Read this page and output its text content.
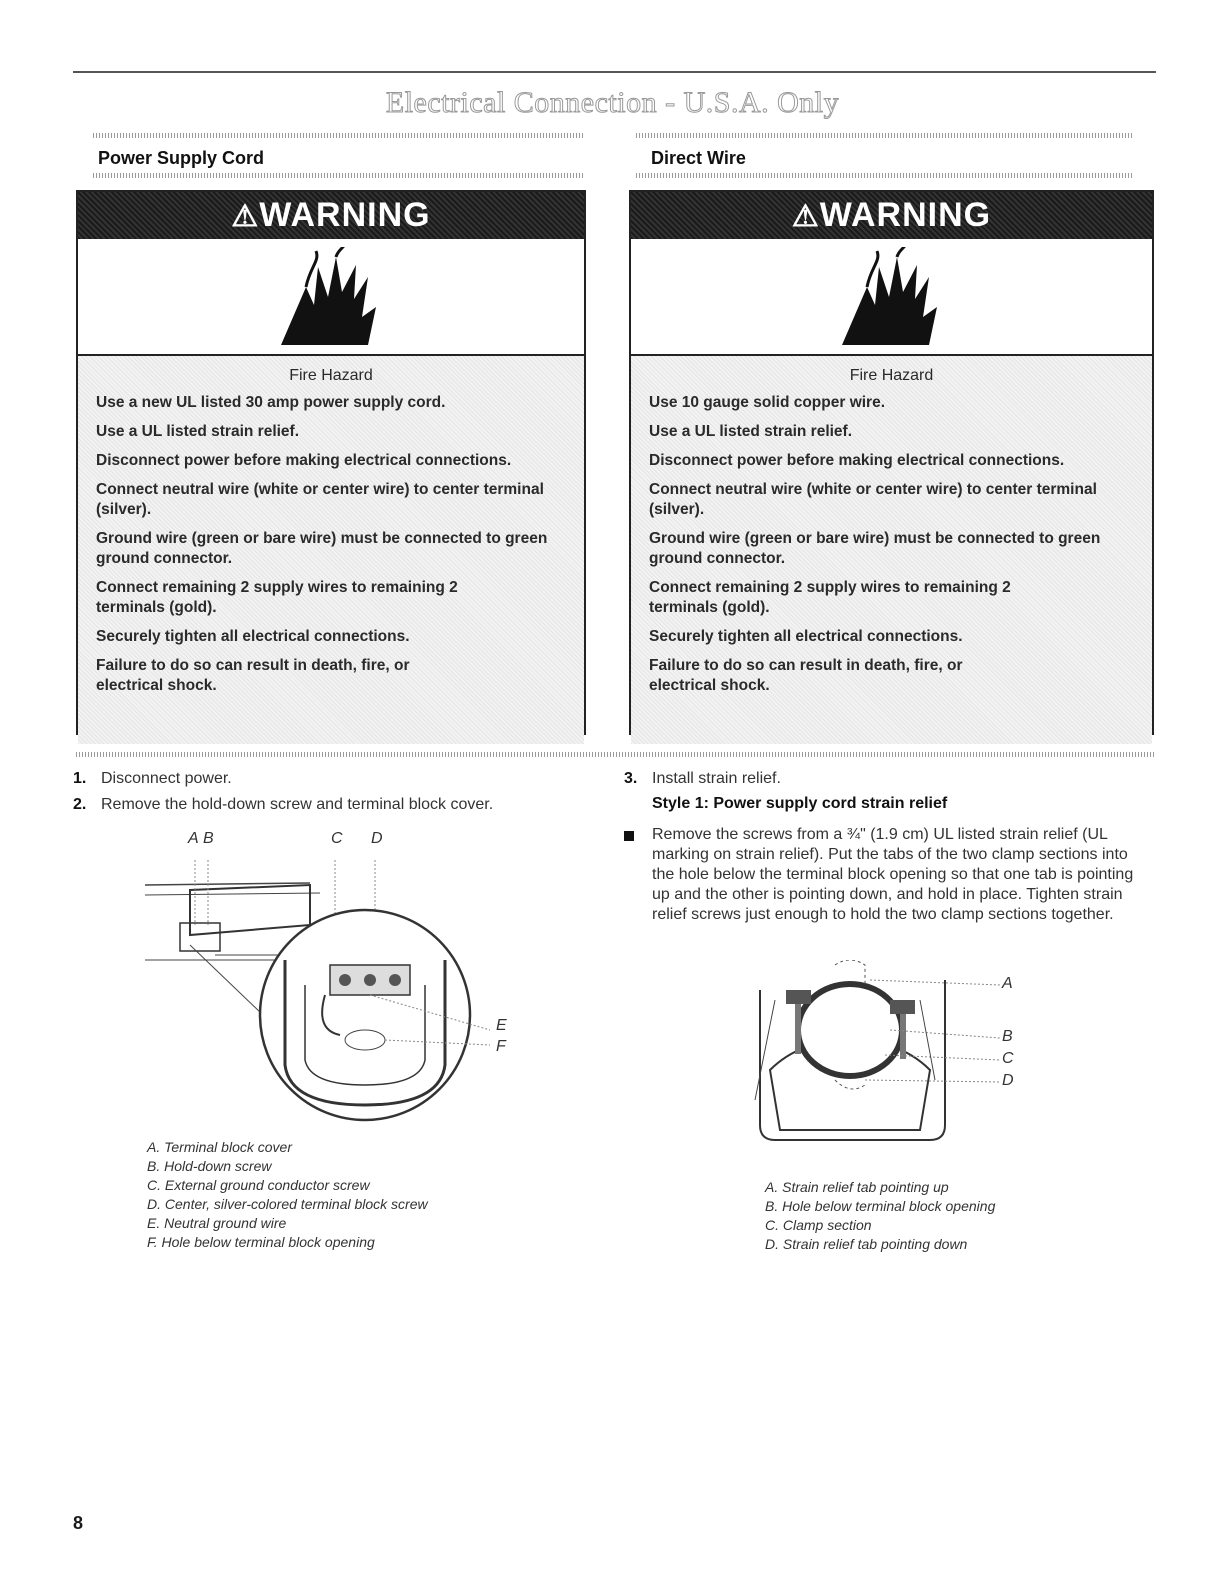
Electrical Connection - U.S.A. Only
Power Supply Cord	Direct Wire
⚠WARNING
Fire Hazard

Use a new UL listed 30 amp power supply cord.

Use a UL listed strain relief.

Disconnect power before making electrical connections.

Connect neutral wire (white or center wire) to center terminal (silver).

Ground wire (green or bare wire) must be connected to green ground connector.

Connect remaining 2 supply wires to remaining 2 terminals (gold).

Securely tighten all electrical connections.

Failure to do so can result in death, fire, or electrical shock.

⚠WARNING
Fire Hazard

Use 10 gauge solid copper wire.

Use a UL listed strain relief.

Disconnect power before making electrical connections.

Connect neutral wire (white or center wire) to center terminal (silver).

Ground wire (green or bare wire) must be connected to green ground connector.

Connect remaining 2 supply wires to remaining 2 terminals (gold).

Securely tighten all electrical connections.

Failure to do so can result in death, fire, or electrical shock.

1. Disconnect power.
2. Remove the hold-down screw and terminal block cover.
A B	C D
E
F
A. Terminal block cover
B. Hold-down screw
C. External ground conductor screw
D. Center, silver-colored terminal block screw
E. Neutral ground wire
F. Hole below terminal block opening
3. Install strain relief.
Style 1: Power supply cord strain relief
Remove the screws from a ¾" (1.9 cm) UL listed strain relief (UL marking on strain relief). Put the tabs of the two clamp sections into the hole below the terminal block opening so that one tab is pointing up and the other is pointing down, and hold in place. Tighten strain relief screws just enough to hold the two clamp sections together.
A
B
C
D
A. Strain relief tab pointing up
B. Hole below terminal block opening
C. Clamp section
D. Strain relief tab pointing down
8
